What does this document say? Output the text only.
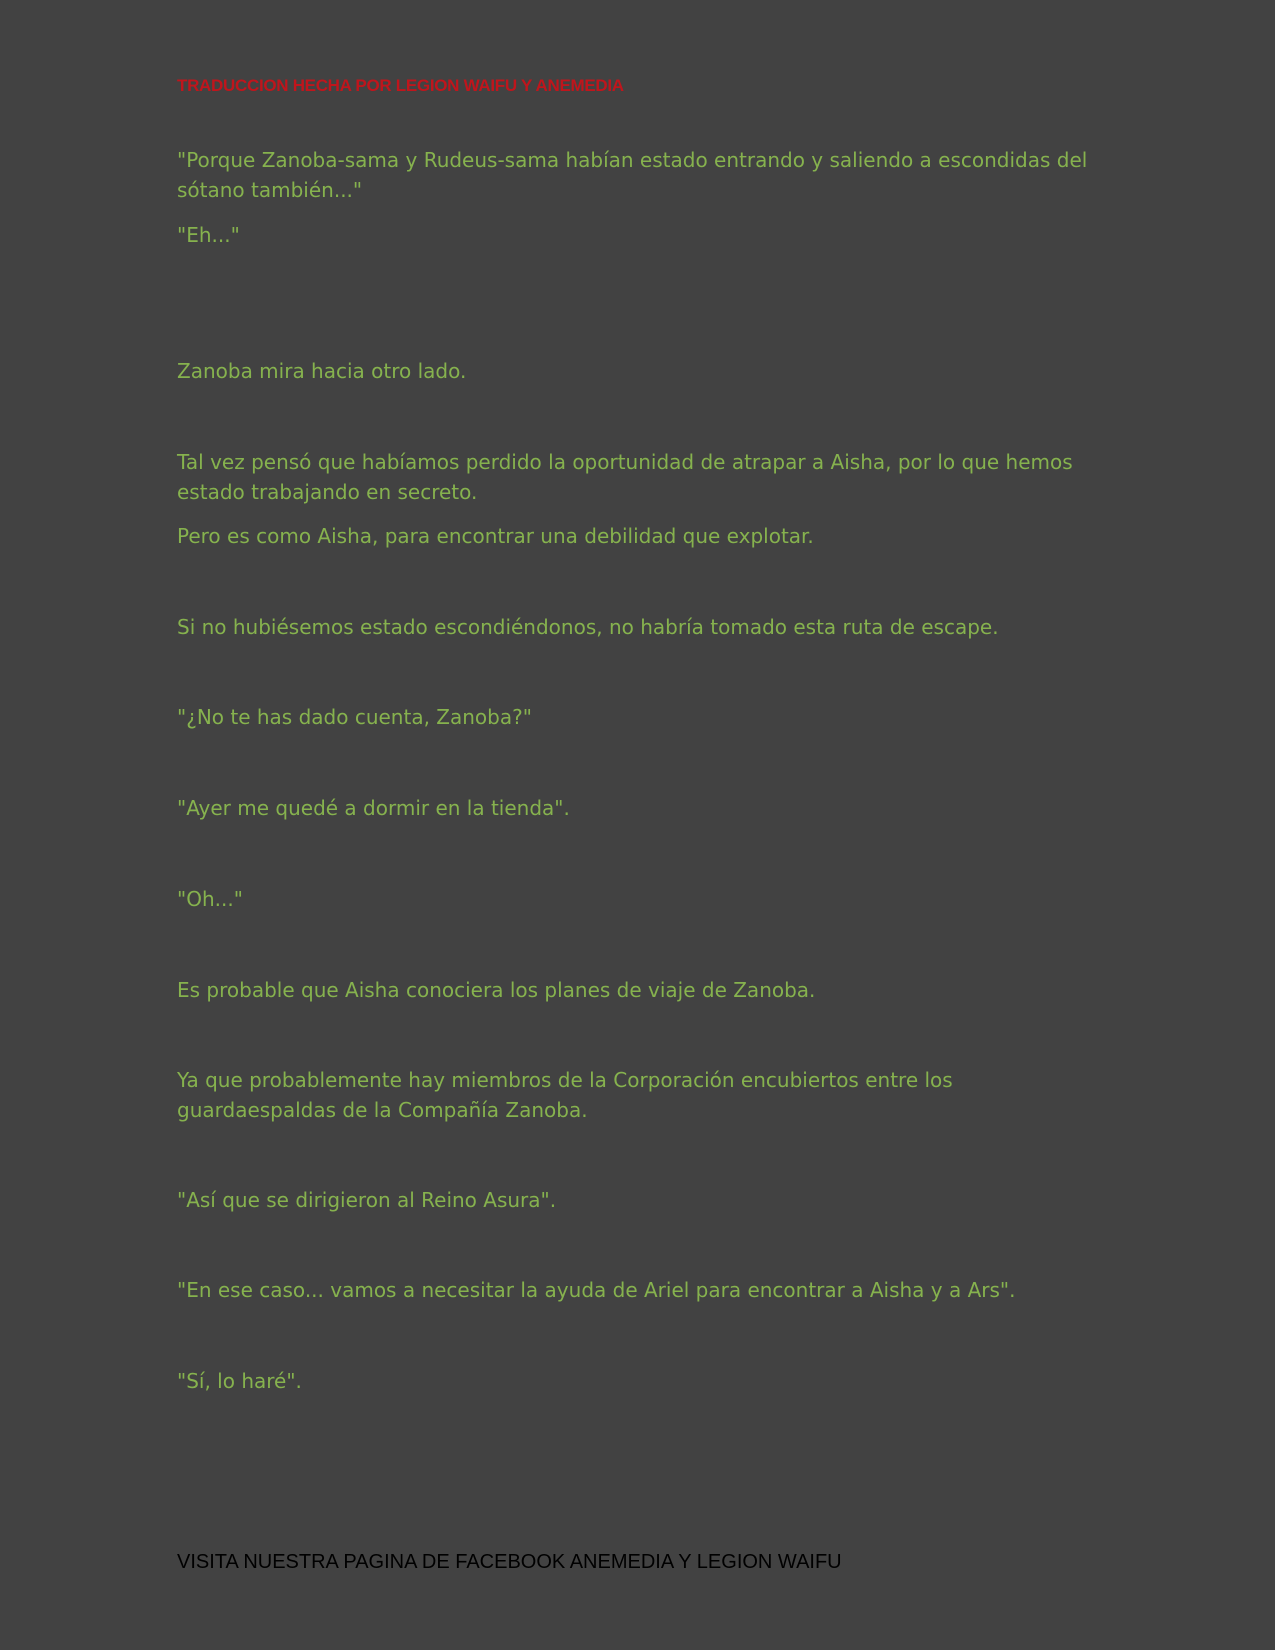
TRADUCCION HECHA POR LEGION WAIFU Y ANEMEDIA

"Porque Zanoba-sama y Rudeus-sama habían estado entrando y saliendo a escondidas del sótano también..."

"Eh..."

Zanoba mira hacia otro lado.

Tal vez pensó que habíamos perdido la oportunidad de atrapar a Aisha, por lo que hemos estado trabajando en secreto.

Pero es como Aisha, para encontrar una debilidad que explotar.

Si no hubiésemos estado escondiéndonos, no habría tomado esta ruta de escape.

"¿No te has dado cuenta, Zanoba?"

"Ayer me quedé a dormir en la tienda".

"Oh..."

Es probable que Aisha conociera los planes de viaje de Zanoba.

Ya que probablemente hay miembros de la Corporación encubiertos entre los guardaespaldas de la Compañía Zanoba.

"Así que se dirigieron al Reino Asura".

"En ese caso... vamos a necesitar la ayuda de Ariel para encontrar a Aisha y a Ars".

"Sí, lo haré".

VISITA NUESTRA PAGINA DE FACEBOOK ANEMEDIA Y LEGION WAIFU
